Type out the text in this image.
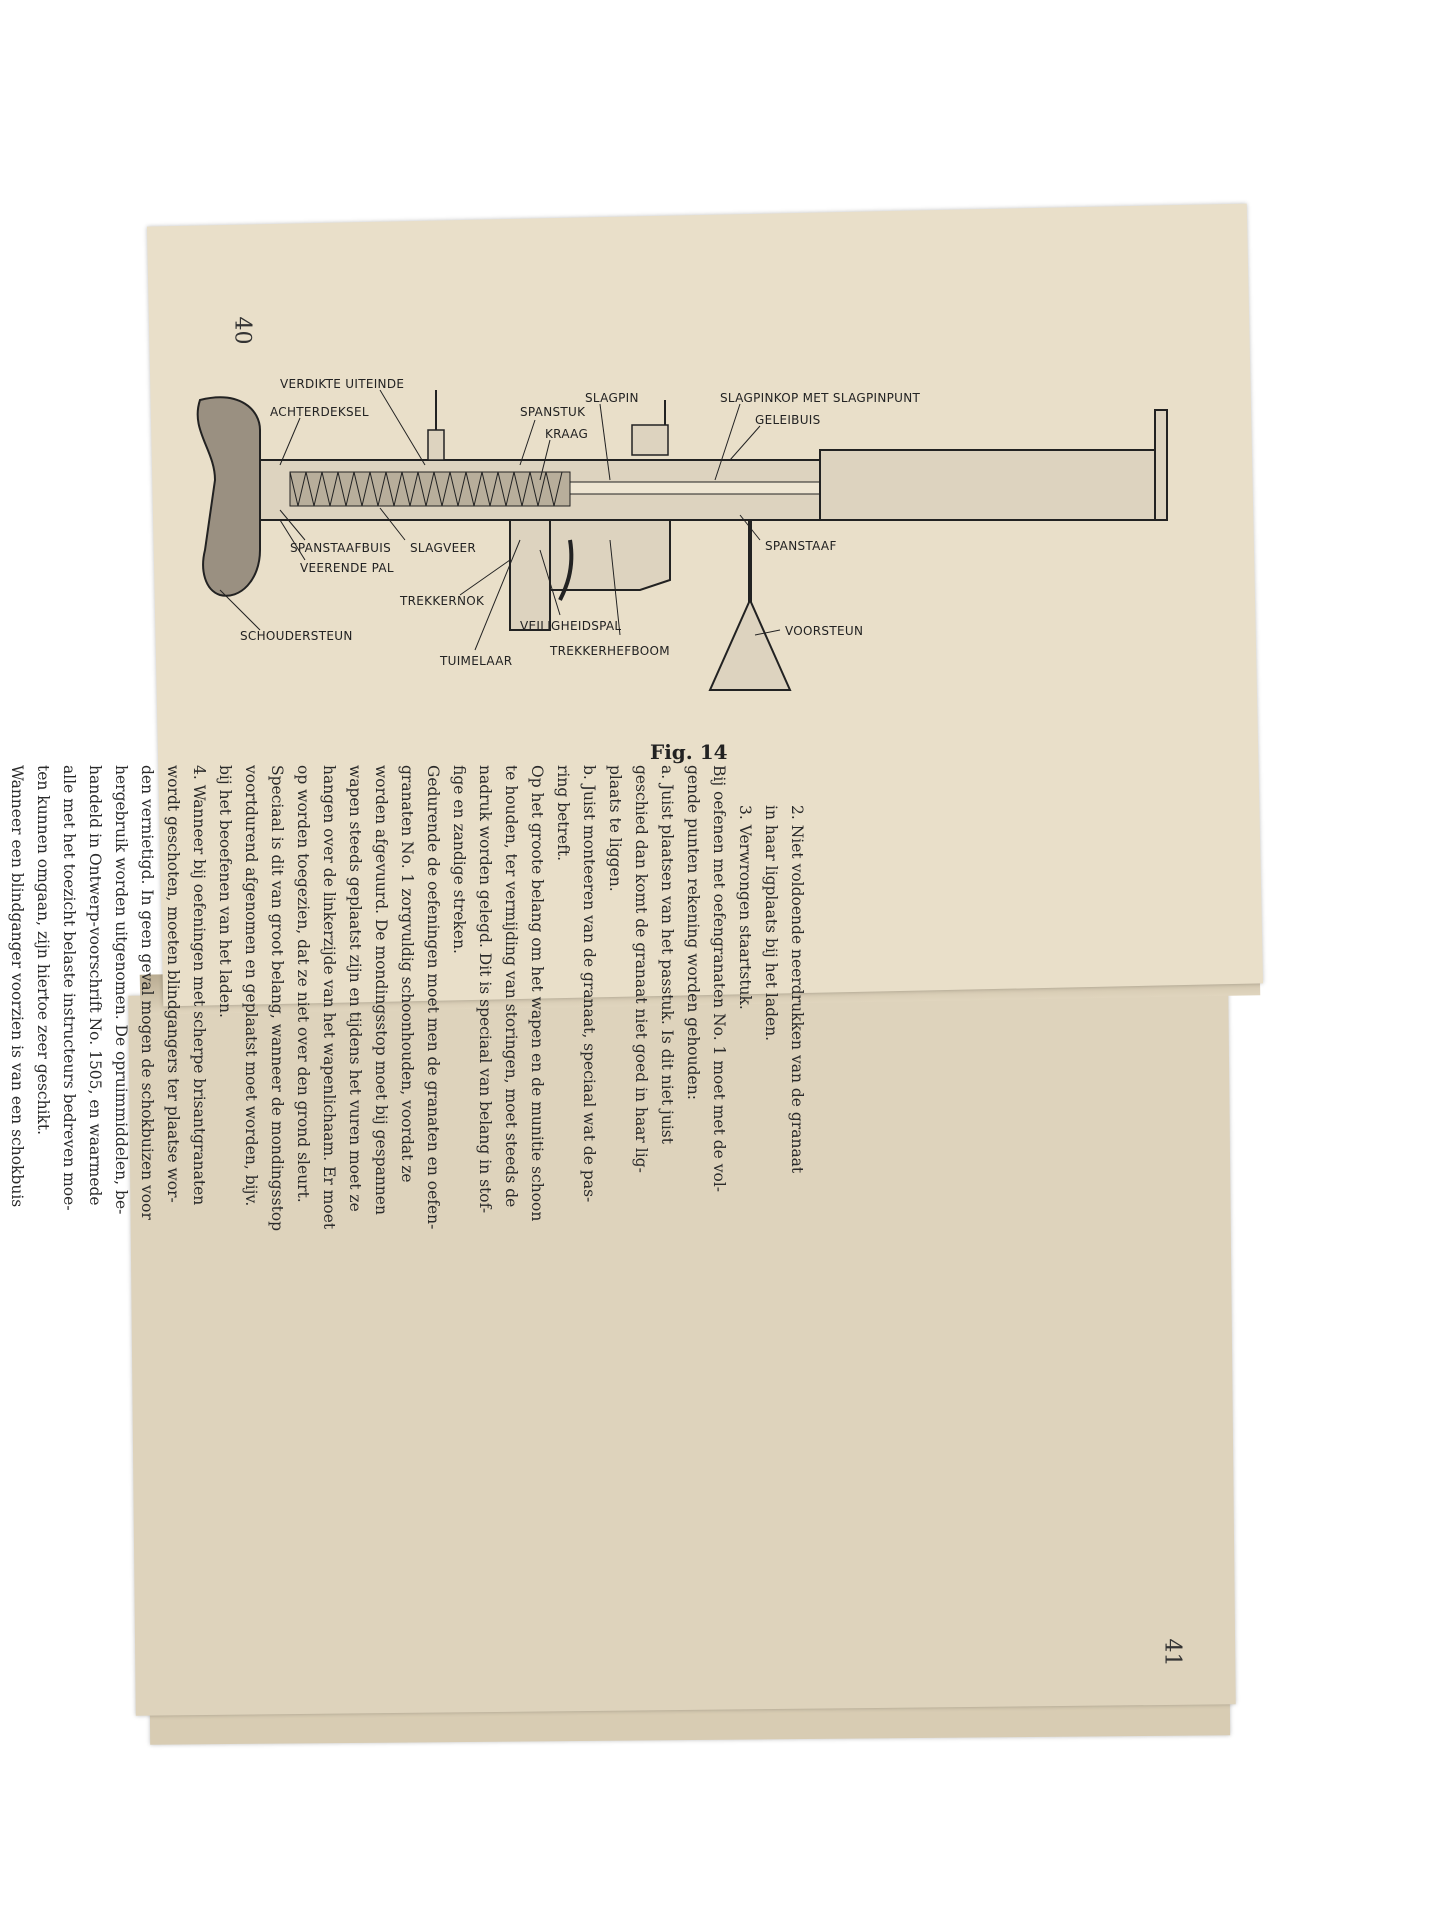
40
41
VERDIKTE UITEINDE
ACHTERDEKSEL	SPANSTUK
SLAGPIN
KRAAG
SLAGPINKOP MET SLAGPINPUNT
GELEIBUIS
SPANSTAAFBUIS SLAGVEER
VEERENDE PAL
SPANSTAAF
TREKKERNOK
SCHOUDERSTEUN
VEILIGHEIDSPAL	VOORSTEUN
TUIMELAAR
TREKKERHEFBOOM
Fig. 14

2. Niet voldoende neerdrukken van de granaat

in haar ligplaats bij het laden.

3. Verwrongen staartstuk.

Bij oefenen met oefengranaten No. 1 moet met de vol-

gende punten rekening worden gehouden:

a. Juist plaatsen van het passtuk. Is dit niet juist

geschied dan komt de granaat niet goed in haar lig-

plaats te liggen.

b. Juist monteeren van de granaat, speciaal wat de pas-

ring betreft.

Op het groote belang om het wapen en de munitie schoon

te houden, ter vermijding van storingen, moet steeds de

nadruk worden gelegd. Dit is speciaal van belang in stof-

fige en zandige streken.

Gedurende de oefeningen moet men de granaten en oefen-

granaten No. 1 zorgvuldig schoonhouden, voordat ze

worden afgevuurd. De mondingsstop moet bij gespannen

wapen steeds geplaatst zijn en tijdens het vuren moet ze

hangen over de linkerzijde van het wapenlichaam. Er moet

op worden toegezien, dat ze niet over den grond sleurt.

Speciaal is dit van groot belang, wanneer de mondingsstop

voortdurend afgenomen en geplaatst moet worden, bijv.

bij het beoefenen van het laden.

4. Wanneer bij oefeningen met scherpe brisantgranaten

wordt geschoten, moeten blindgangers ter plaatse wor-

den vernietigd. In geen geval mogen de schokbuizen voor

hergebruik worden uitgenomen. De opruimmiddelen, be-

handeld in Ontwerp-voorschrift No. 1505, en waarmede

alle met het toezicht belaste instructeurs bedreven moe-

ten kunnen omgaan, zijn hiertoe zeer geschikt.

Wanneer een blindganger voorzien is van een schokbuis
